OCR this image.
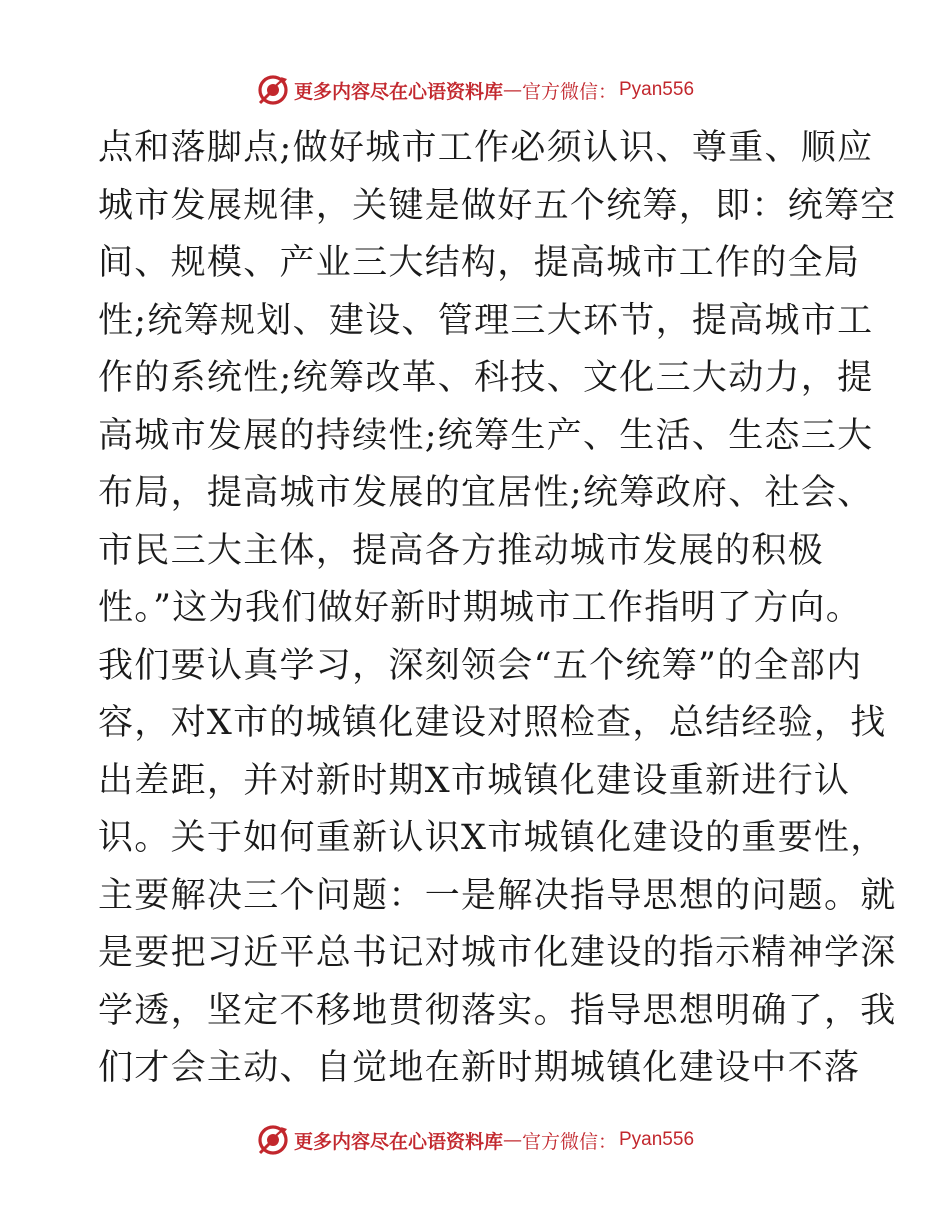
更多内容尽在心语资料库 — 官方微信： Pyan556
点和落脚点;做好城市工作必须认识、尊重、顺应
城市发展规律，关键是做好五个统筹，即：统筹空
间、规模、产业三大结构，提高城市工作的全局
性;统筹规划、建设、管理三大环节，提高城市工
作的系统性;统筹改革、科技、文化三大动力，提
高城市发展的持续性;统筹生产、生活、生态三大
布局，提高城市发展的宜居性;统筹政府、社会、
市民三大主体，提高各方推动城市发展的积极
性。”这为我们做好新时期城市工作指明了方向。
我们要认真学习，深刻领会“五个统筹”的全部内
容，对X市的城镇化建设对照检查，总结经验，找
出差距，并对新时期X市城镇化建设重新进行认
识。关于如何重新认识X市城镇化建设的重要性，
主要解决三个问题：一是解决指导思想的问题。就
是要把习近平总书记对城市化建设的指示精神学深
学透，坚定不移地贯彻落实。指导思想明确了，我
们才会主动、自觉地在新时期城镇化建设中不落
更多内容尽在心语资料库 — 官方微信： Pyan556
